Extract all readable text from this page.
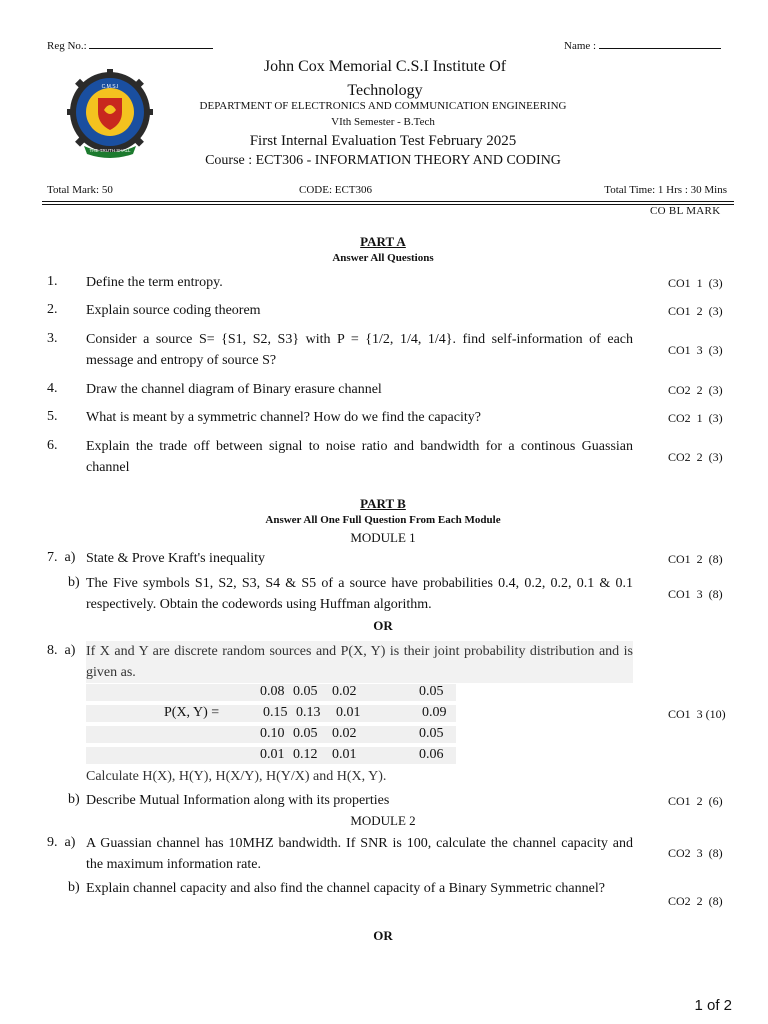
Reg No.:	Name :
C.M.S.I
THE TRUTH SHALL
John Cox Memorial C.S.I Institute Of
Technology
DEPARTMENT OF ELECTRONICS AND COMMUNICATION ENGINEERING
VIth Semester - B.Tech
First Internal Evaluation Test February 2025
Course : ECT306 - INFORMATION THEORY AND CODING
Total Mark: 50	CODE: ECT306	Total Time: 1 Hrs : 30 Mins
CO BL MARK
PART A
Answer All Questions
1. Define the term entropy.	CO1 1 (3)
2. Explain source coding theorem	CO1 2 (3)
3. Consider a source S= {S1, S2, S3} with P = {1/2, 1/4, 1/4}. find self-information of each message and entropy of source S?
CO1 3 (3)
4. Draw the channel diagram of Binary erasure channel	CO2 2 (3)
5. What is meant by a symmetric channel? How do we find the capacity?	CO2 1 (3)
6. Explain the trade off between signal to noise ratio and bandwidth for a continous Guassian channel
CO2 2 (3)
PART B
Answer All One Full Question From Each Module
MODULE 1
7. a) State & Prove Kraft's inequality	CO1 2 (8)
b) The Five symbols S1, S2, S3, S4 & S5 of a source have probabilities 0.4, 0.2, 0.2, 0.1 & 0.1 respectively. Obtain the codewords using Huffman algorithm.
CO1 3 (8)
OR
8. a) If X and Y are discrete random sources and P(X, Y) is their joint probability distribution and is given as.
0.08 0.05 0.02	0.05
P(X, Y) =	0.15 0.13 0.01	0.09
0.10 0.05 0.02	0.05
0.01 0.12 0.01	0.06
Calculate H(X), H(Y), H(X/Y), H(Y/X) and H(X, Y).
CO1 3 (10)
b) Describe Mutual Information along with its properties	CO1 2 (6)
MODULE 2
9. a) A Guassian channel has 10MHZ bandwidth. If SNR is 100, calculate the channel capacity and the maximum information rate.
CO2 3 (8)
b) Explain channel capacity and also find the channel capacity of a Binary Symmetric channel?
CO2 2 (8)
OR
1 of 2
